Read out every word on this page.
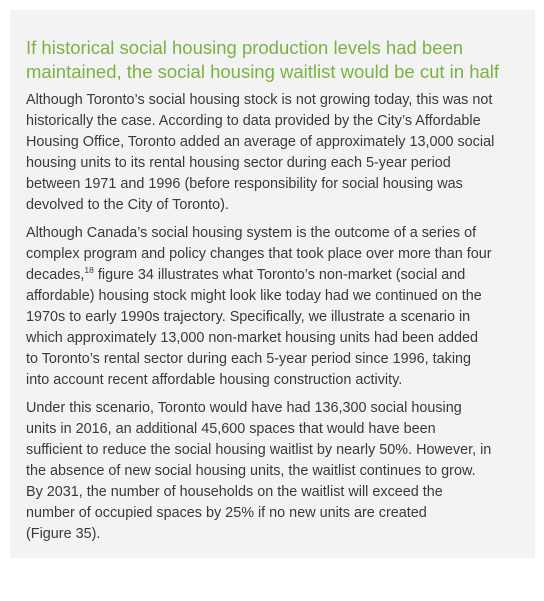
If historical social housing production levels had been
maintained, the social housing waitlist would be cut in half

Although Toronto’s social housing stock is not growing today, this was not
historically the case. According to data provided by the City’s Affordable
Housing Office, Toronto added an average of approximately 13,000 social
housing units to its rental housing sector during each 5-year period
between 1971 and 1996 (before responsibility for social housing was
devolved to the City of Toronto).

Although Canada’s social housing system is the outcome of a series of
complex program and policy changes that took place over more than four
decades,$^{18}$ figure 34 illustrates what Toronto’s non-market (social and
affordable) housing stock might look like today had we continued on the
1970s to early 1990s trajectory. Specifically, we illustrate a scenario in
which approximately 13,000 non-market housing units had been added
to Toronto’s rental sector during each 5-year period since 1996, taking
into account recent affordable housing construction activity.

Under this scenario, Toronto would have had 136,300 social housing
units in 2016, an additional 45,600 spaces that would have been
sufficient to reduce the social housing waitlist by nearly 50%. However, in
the absence of new social housing units, the waitlist continues to grow.
By 2031, the number of households on the waitlist will exceed the
number of occupied spaces by 25% if no new units are created
(Figure 35).
